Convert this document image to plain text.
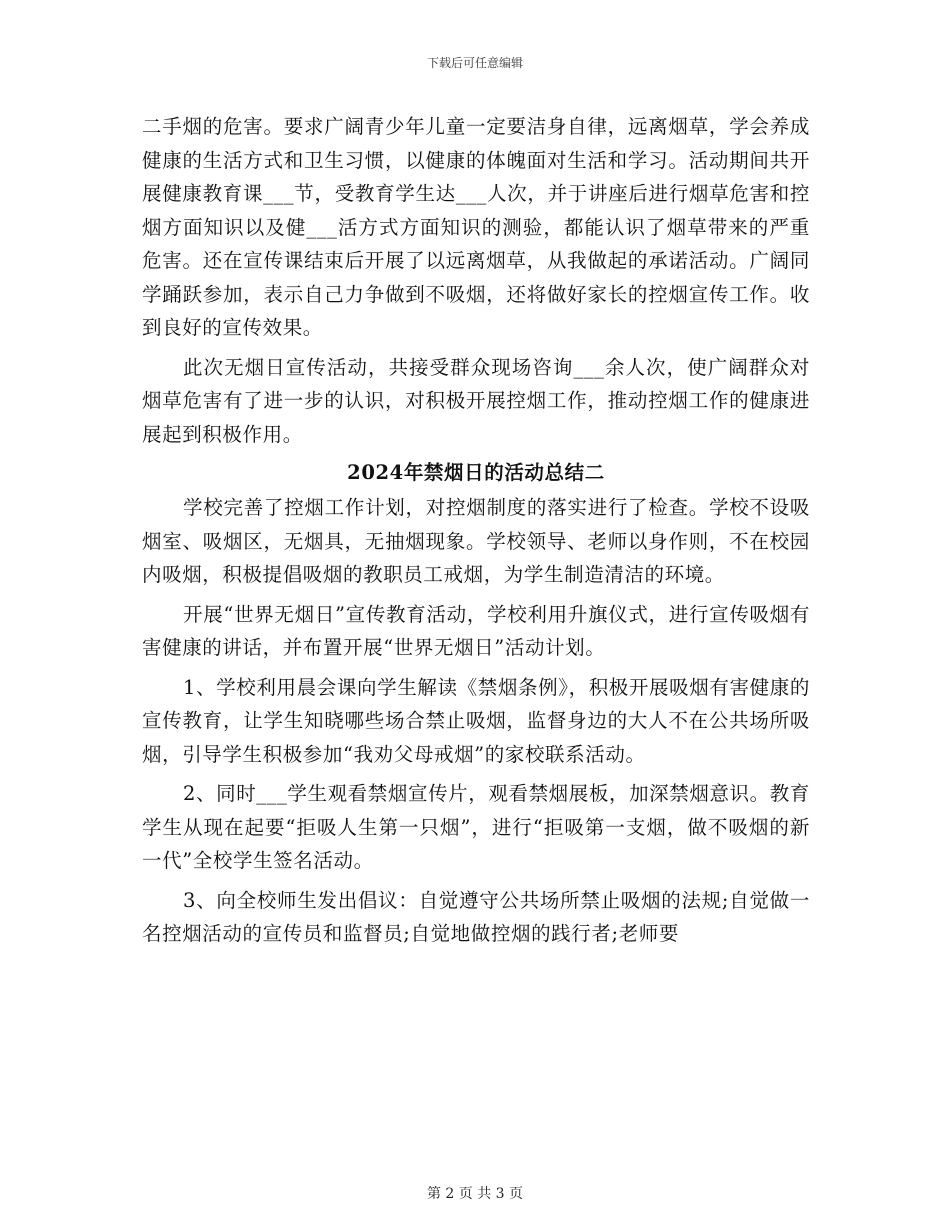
下载后可任意编辑

二手烟的危害。要求广阔青少年儿童一定要洁身自律，远离烟草，学会养成健康的生活方式和卫生习惯，以健康的体魄面对生活和学习。活动期间共开展健康教育课___节，受教育学生达___人次，并于讲座后进行烟草危害和控烟方面知识以及健___活方式方面知识的测验，都能认识了烟草带来的严重危害。还在宣传课结束后开展了以远离烟草，从我做起的承诺活动。广阔同学踊跃参加，表示自己力争做到不吸烟，还将做好家长的控烟宣传工作。收到良好的宣传效果。

此次无烟日宣传活动，共接受群众现场咨询___余人次，使广阔群众对烟草危害有了进一步的认识，对积极开展控烟工作，推动控烟工作的健康进展起到积极作用。

2024年禁烟日的活动总结二

学校完善了控烟工作计划，对控烟制度的落实进行了检查。学校不设吸烟室、吸烟区，无烟具，无抽烟现象。学校领导、老师以身作则，不在校园内吸烟，积极提倡吸烟的教职员工戒烟，为学生制造清洁的环境。

开展“世界无烟日”宣传教育活动，学校利用升旗仪式，进行宣传吸烟有害健康的讲话，并布置开展“世界无烟日”活动计划。

1、学校利用晨会课向学生解读《禁烟条例》，积极开展吸烟有害健康的宣传教育，让学生知晓哪些场合禁止吸烟，监督身边的大人不在公共场所吸烟，引导学生积极参加“我劝父母戒烟”的家校联系活动。

2、同时___学生观看禁烟宣传片，观看禁烟展板，加深禁烟意识。教育学生从现在起要“拒吸人生第一只烟”，进行“拒吸第一支烟，做不吸烟的新一代”全校学生签名活动。

3、向全校师生发出倡议：自觉遵守公共场所禁止吸烟的法规;自觉做一名控烟活动的宣传员和监督员;自觉地做控烟的践行者;老师要

第 2 页 共 3 页
